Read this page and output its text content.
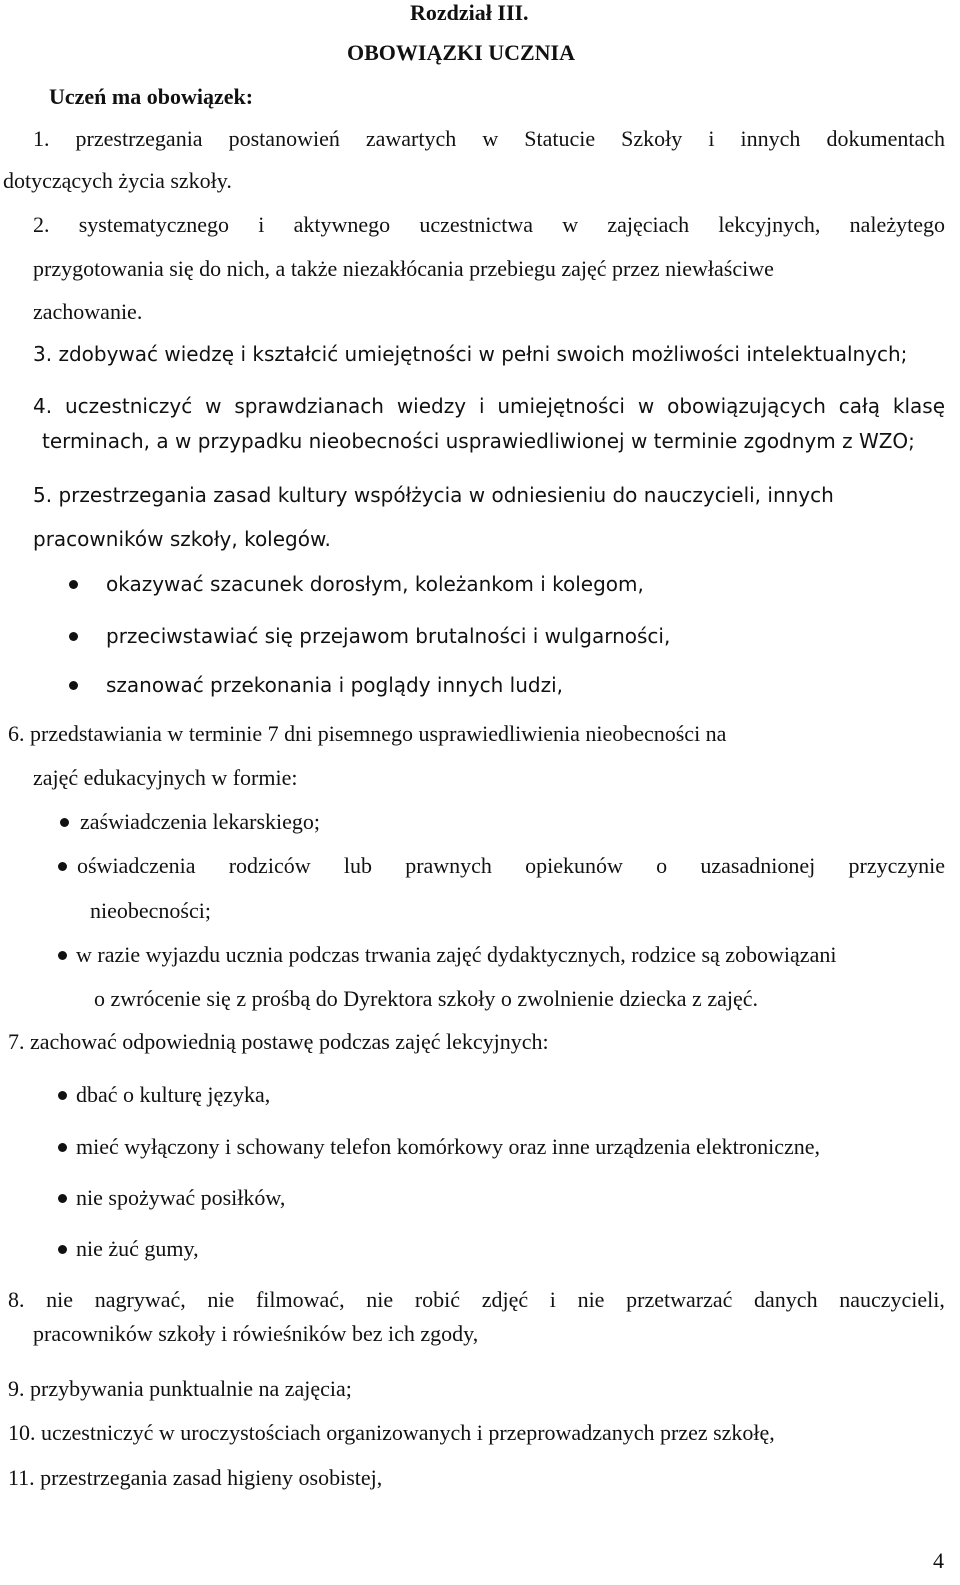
Rozdział III.
OBOWIĄZKI UCZNIA
Uczeń ma obowiązek:
1. przestrzegania postanowień zawartych w Statucie Szkoły i innych dokumentach
dotyczących życia szkoły.
2. systematycznego i aktywnego uczestnictwa w zajęciach lekcyjnych, należytego
przygotowania się do nich, a także niezakłócania przebiegu zajęć przez niewłaściwe
zachowanie.
3. zdobywać wiedzę i kształcić umiejętności w pełni swoich możliwości intelektualnych;
4. uczestniczyć w sprawdzianach wiedzy i umiejętności w obowiązujących całą klasę
terminach, a w przypadku nieobecności usprawiedliwionej w terminie zgodnym z WZO;
5. przestrzegania zasad kultury współżycia w odniesieniu do nauczycieli, innych
pracowników szkoły, kolegów.
okazywać szacunek dorosłym, koleżankom i kolegom,
przeciwstawiać się przejawom brutalności i wulgarności,
szanować przekonania i poglądy innych ludzi,
6. przedstawiania w terminie 7 dni pisemnego usprawiedliwienia nieobecności na
zajęć edukacyjnych w formie:
zaświadczenia lekarskiego;
oświadczenia rodziców lub prawnych opiekunów o uzasadnionej przyczynie
nieobecności;
w razie wyjazdu ucznia podczas trwania zajęć dydaktycznych, rodzice są zobowiązani
o zwrócenie się z prośbą do Dyrektora szkoły o zwolnienie dziecka z zajęć.
7. zachować odpowiednią postawę podczas zajęć lekcyjnych:
dbać o kulturę języka,
mieć wyłączony i schowany telefon komórkowy oraz inne urządzenia elektroniczne,
nie spożywać posiłków,
nie żuć gumy,
8. nie nagrywać, nie filmować, nie robić zdjęć i nie przetwarzać danych nauczycieli,
pracowników szkoły i rówieśników bez ich zgody,
9. przybywania punktualnie na zajęcia;
10. uczestniczyć w uroczystościach organizowanych i przeprowadzanych przez szkołę,
11. przestrzegania zasad higieny osobistej,
4
